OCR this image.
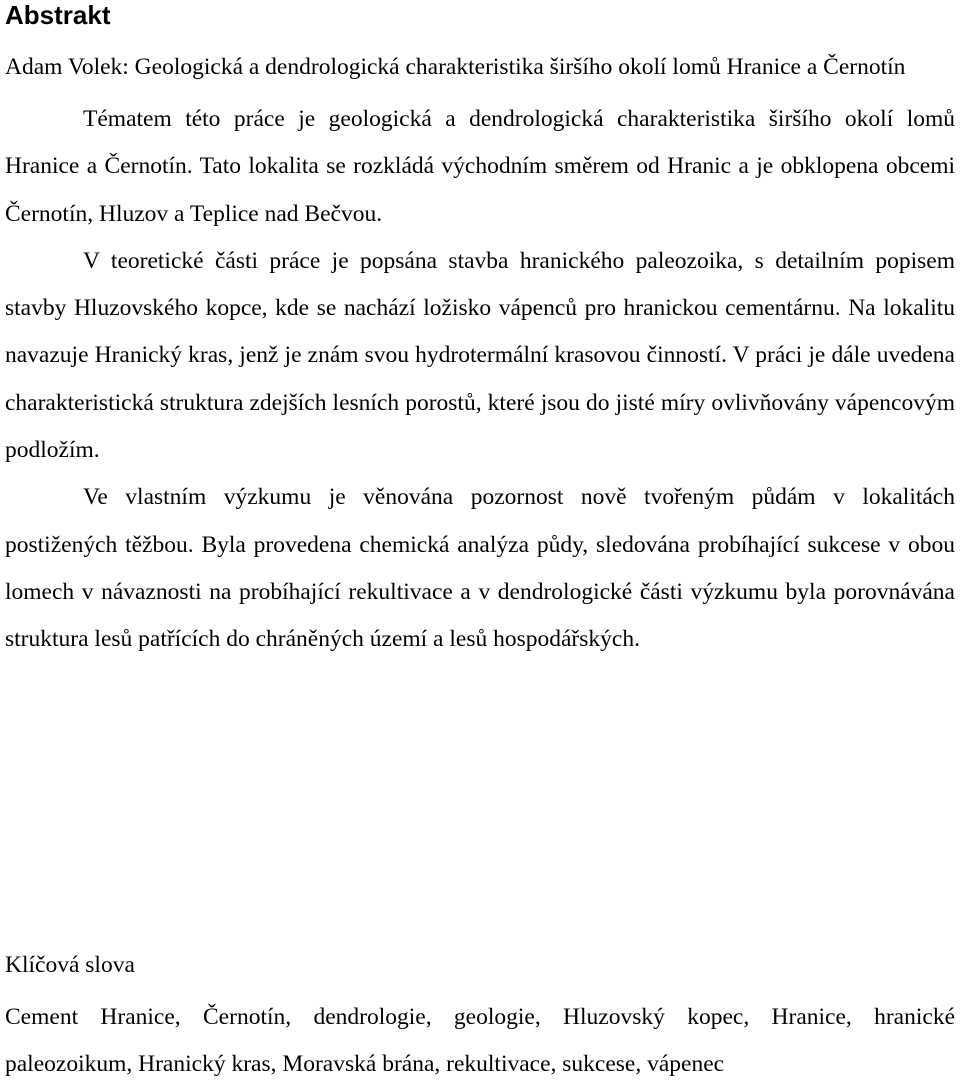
Abstrakt
Adam Volek: Geologická a dendrologická charakteristika širšího okolí lomů Hranice a Černotín

Tématem této práce je geologická a dendrologická charakteristika širšího okolí lomů Hranice a Černotín. Tato lokalita se rozkládá východním směrem od Hranic a je obklopena obcemi Černotín, Hluzov a Teplice nad Bečvou.

V teoretické části práce je popsána stavba hranického paleozoika, s detailním popisem stavby Hluzovského kopce, kde se nachází ložisko vápenců pro hranickou cementárnu. Na lokalitu navazuje Hranický kras, jenž je znám svou hydrotermální krasovou činností. V práci je dále uvedena charakteristická struktura zdejších lesních porostů, které jsou do jisté míry ovlivňovány vápencovým podložím.

Ve vlastním výzkumu je věnována pozornost nově tvořeným půdám v lokalitách postižených těžbou. Byla provedena chemická analýza půdy, sledována probíhající sukcese v obou lomech v návaznosti na probíhající rekultivace a v dendrologické části výzkumu byla porovnávána struktura lesů patřících do chráněných území a lesů hospodářských.

Klíčová slova
Cement Hranice, Černotín, dendrologie, geologie, Hluzovský kopec, Hranice, hranické paleozoikum, Hranický kras, Moravská brána, rekultivace, sukcese, vápenec
